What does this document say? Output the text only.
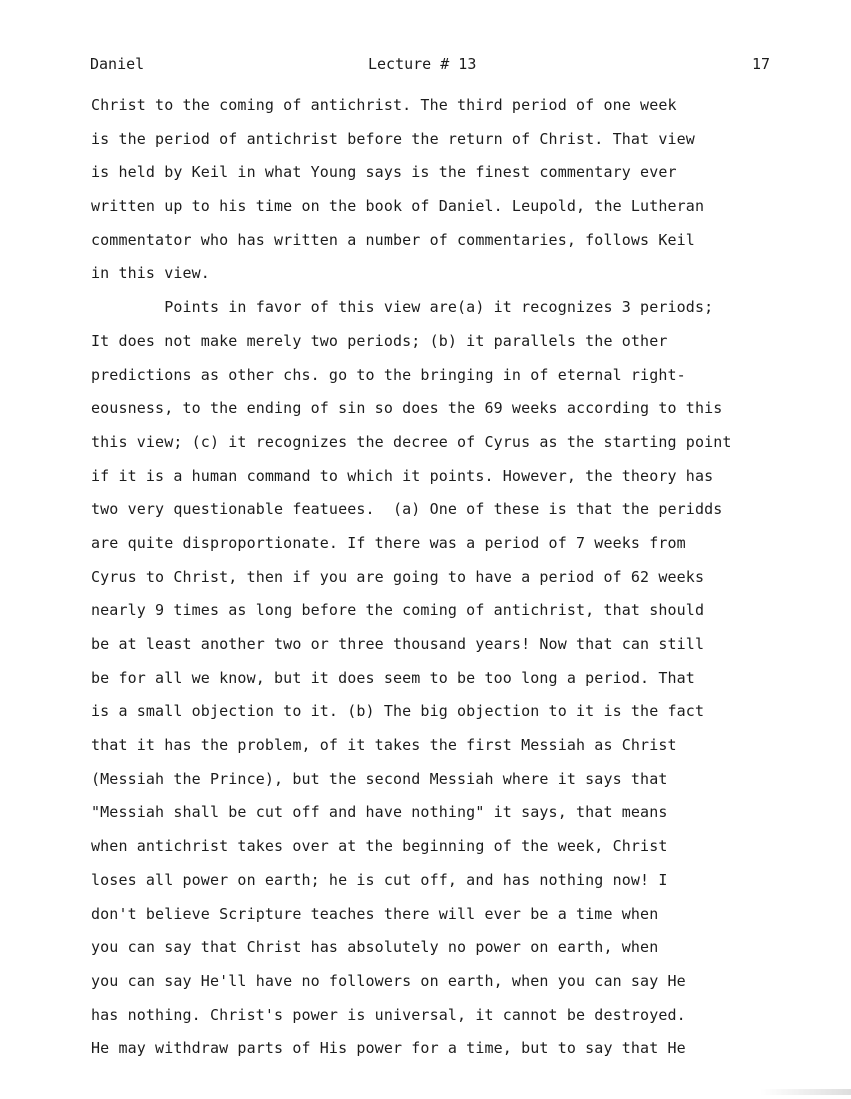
Daniel	Lecture # 13	17
Christ to the coming of antichrist. The third period of one week
is the period of antichrist before the return of Christ. That view
is held by Keil in what Young says is the finest commentary ever
written up to his time on the book of Daniel. Leupold, the Lutheran
commentator who has written a number of commentaries, follows Keil
in this view.
Points in favor of this view are(a) it recognizes 3 periods;
It does not make merely two periods; (b) it parallels the other
predictions as other chs. go to the bringing in of eternal right-
eousness, to the ending of sin so does the 69 weeks according to this
this view; (c) it recognizes the decree of Cyrus as the starting point
if it is a human command to which it points. However, the theory has
two very questionable featuees.  (a) One of these is that the peridds
are quite disproportionate. If there was a period of 7 weeks from
Cyrus to Christ, then if you are going to have a period of 62 weeks
nearly 9 times as long before the coming of antichrist, that should
be at least another two or three thousand years! Now that can still
be for all we know, but it does seem to be too long a period. That
is a small objection to it. (b) The big objection to it is the fact
that it has the problem, of it takes the first Messiah as Christ
(Messiah the Prince), but the second Messiah where it says that
"Messiah shall be cut off and have nothing" it says, that means
when antichrist takes over at the beginning of the week, Christ
loses all power on earth; he is cut off, and has nothing now! I
don't believe Scripture teaches there will ever be a time when
you can say that Christ has absolutely no power on earth, when
you can say He'll have no followers on earth, when you can say He
has nothing. Christ's power is universal, it cannot be destroyed.
He may withdraw parts of His power for a time, but to say that He
